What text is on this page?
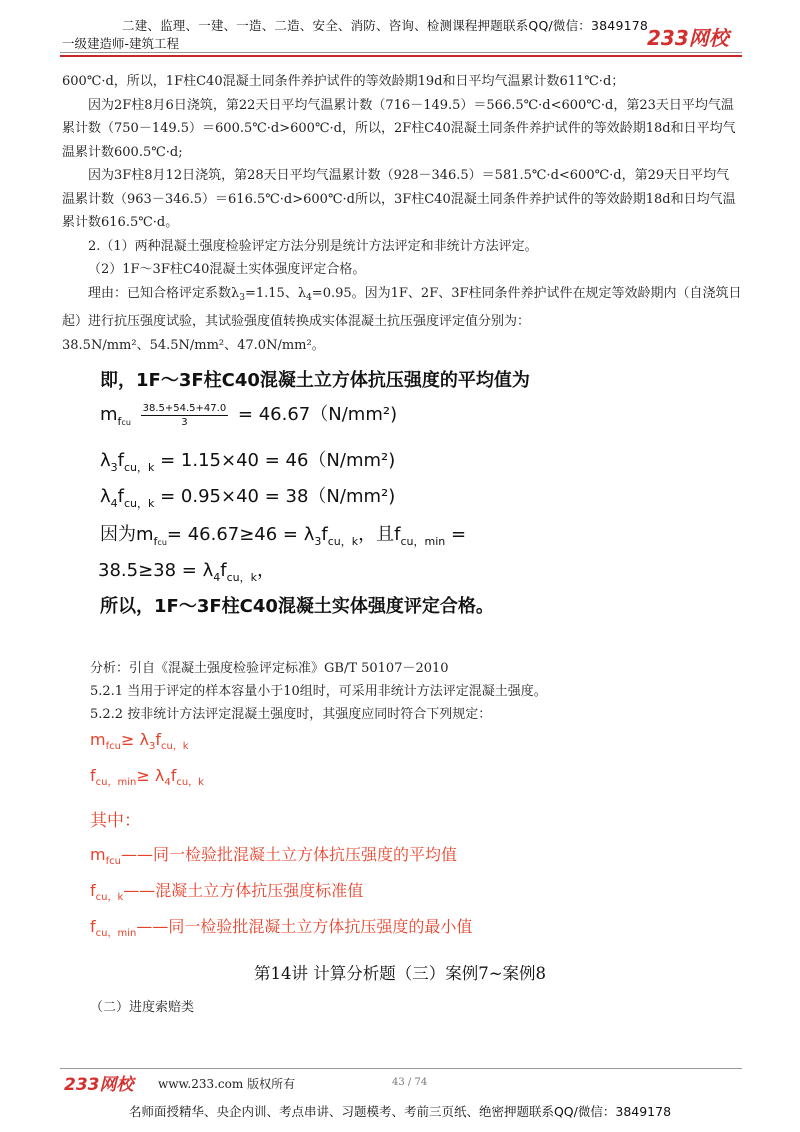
二建、监理、一建、一造、二造、安全、消防、咨询、检测课程押题联系QQ/微信：3849178
一级建造师-建筑工程	233网校

600℃·d，所以，1F柱C40混凝土同条件养护试件的等效龄期19d和日平均气温累计数611℃·d；

因为2F柱8月6日浇筑，第22天日平均气温累计数（716－149.5）＝566.5℃·d<600℃·d，第23天日平均气温累计数（750－149.5）＝600.5℃·d>600℃·d，所以，2F柱C40混凝土同条件养护试件的等效龄期18d和日平均气温累计数600.5℃·d;

因为3F柱8月12日浇筑，第28天日平均气温累计数（928－346.5）＝581.5℃·d<600℃·d，第29天日平均气温累计数（963－346.5）＝616.5℃·d>600℃·d所以，3F柱C40混凝土同条件养护试件的等效龄期18d和日均气温累计数616.5℃·d。

2.（1）两种混凝土强度检验评定方法分别是统计方法评定和非统计方法评定。

（2）1F～3F柱C40混凝土实体强度评定合格。

理由：已知合格评定系数$\lambda_3=1.15$、$\lambda_4=0.95$。因为1F、2F、3F柱同条件养护试件在规定等效龄期内（自浇筑日起）进行抗压强度试验，其试验强度值转换成实体混凝土抗压强度评定值分别为：

38.5N/mm²、54.5N/mm²、47.0N/mm²。

即，1F～3F柱C40混凝土立方体抗压强度的平均值为
$m_{fcu} \frac{38.5+54.5+47.0}{3} = 46.67(N/mm^2)$
$\lambda_3f_{cu,k} = 1.15\times 40 = 46(N/mm^2)$
$\lambda_4f_{cu,k} = 0.95\times 40 = 38(N/mm^2)$
因为$m_{fcu}= 46.67\ge 46 = \lambda_3f_{cu,k}$，且$f_{cu,min}$ =
$38.5\ge 38 = \lambda_4f_{cu,k}$，
所以，1F～3F柱C40混凝土实体强度评定合格。

分析：引自《混凝土强度检验评定标准》GB/T 50107－2010

5.2.1 当用于评定的样本容量小于10组时，可采用非统计方法评定混凝土强度。

5.2.2 按非统计方法评定混凝土强度时，其强度应同时符合下列规定：

$m_{fcu}\ge \lambda_3f_{cu,k}$
$f_{cu,min}\ge \lambda_4f_{cu,k}$
其中：
$m_{fcu}——$同一检验批混凝土立方体抗压强度的平均值
$f_{cu,k}——$混凝土立方体抗压强度标准值
$f_{cu,min}——$同一检验批混凝土立方体抗压强度的最小值
第14讲 计算分析题（三）案例7~案例8
（二）进度索赔类
233网校 www.233.com 版权所有	43 / 74
名师面授精华、央企内训、考点串讲、习题模考、考前三页纸、绝密押题联系QQ/微信：3849178
